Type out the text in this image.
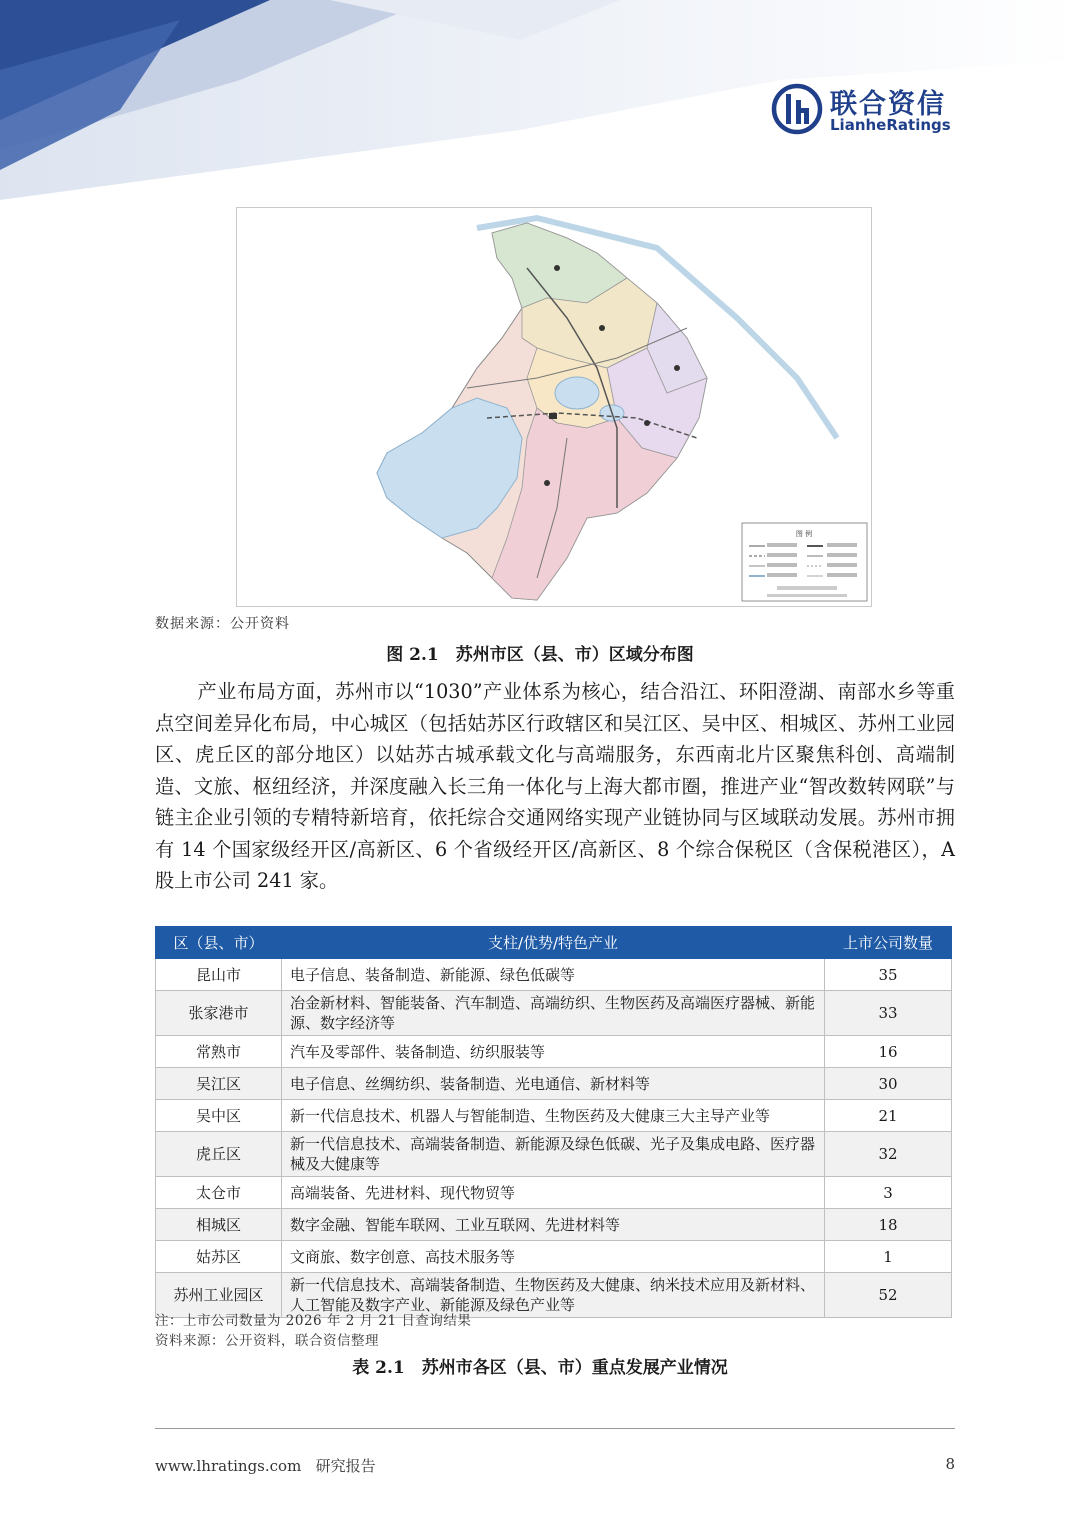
联合资信
LianheRatings
图 例
数据来源：公开资料
图 2.1　苏州市区（县、市）区域分布图
产业布局方面，苏州市以“1030”产业体系为核心，结合沿江、环阳澄湖、南部水乡等重点空间差异化布局，中心城区（包括姑苏区行政辖区和吴江区、吴中区、相城区、苏州工业园区、虎丘区的部分地区）以姑苏古城承载文化与高端服务，东西南北片区聚焦科创、高端制造、文旅、枢纽经济，并深度融入长三角一体化与上海大都市圈，推进产业“智改数转网联”与链主企业引领的专精特新培育，依托综合交通网络实现产业链协同与区域联动发展。苏州市拥有 14 个国家级经开区/高新区、6 个省级经开区/高新区、8 个综合保税区（含保税港区），A 股上市公司 241 家。
区（县、市）	支柱/优势/特色产业	上市公司数量
昆山市	电子信息、装备制造、新能源、绿色低碳等	35
张家港市	冶金新材料、智能装备、汽车制造、高端纺织、生物医药及高端医疗器械、新能源、数字经济等	33
常熟市	汽车及零部件、装备制造、纺织服装等	16
吴江区	电子信息、丝绸纺织、装备制造、光电通信、新材料等	30
吴中区	新一代信息技术、机器人与智能制造、生物医药及大健康三大主导产业等	21
虎丘区	新一代信息技术、高端装备制造、新能源及绿色低碳、光子及集成电路、医疗器械及大健康等	32
太仓市	高端装备、先进材料、现代物贸等	3
相城区	数字金融、智能车联网、工业互联网、先进材料等	18
姑苏区	文商旅、数字创意、高技术服务等	1
苏州工业园区	新一代信息技术、高端装备制造、生物医药及大健康、纳米技术应用及新材料、人工智能及数字产业、新能源及绿色产业等	52
注：上市公司数量为 2026 年 2 月 21 日查询结果
资料来源：公开资料，联合资信整理
表 2.1　苏州市各区（县、市）重点发展产业情况
www.lhratings.com 研究报告	8
